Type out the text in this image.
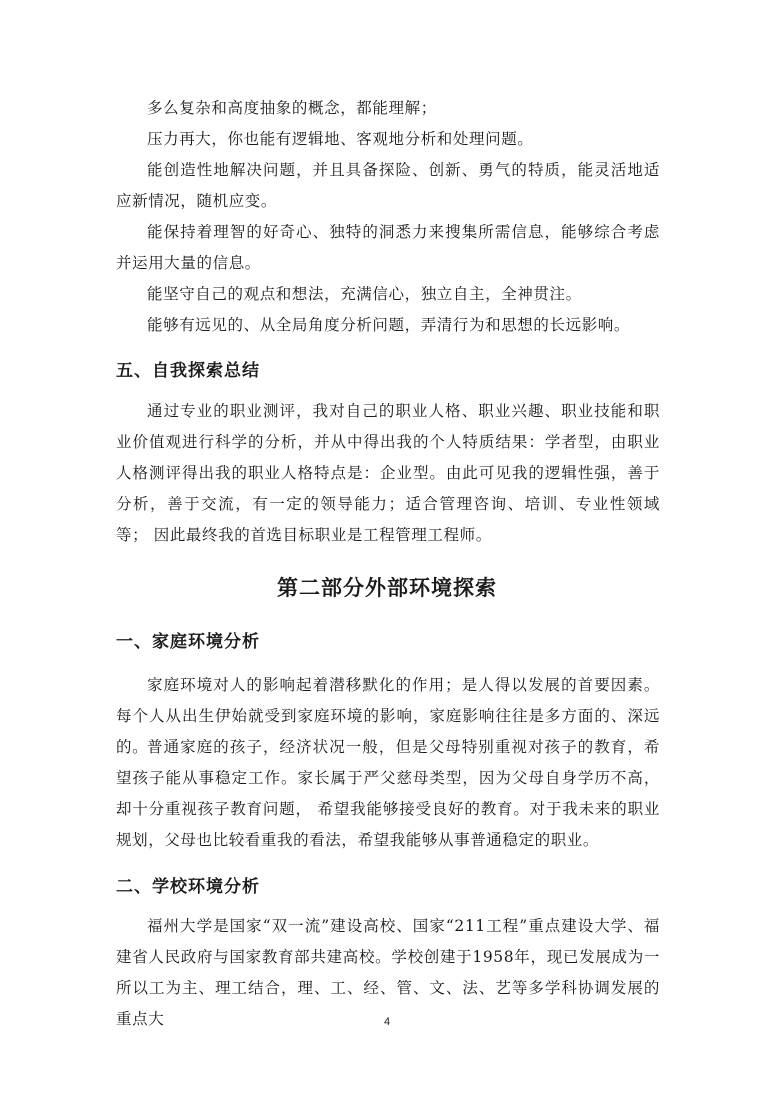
多么复杂和高度抽象的概念，都能理解；

压力再大，你也能有逻辑地、客观地分析和处理问题。

能创造性地解决问题，并且具备探险、创新、勇气的特质，能灵活地适应新情况，随机应变。

能保持着理智的好奇心、独特的洞悉力来搜集所需信息，能够综合考虑并运用大量的信息。

能坚守自己的观点和想法，充满信心，独立自主，全神贯注。

能够有远见的、从全局角度分析问题，弄清行为和思想的长远影响。

五、自我探索总结

通过专业的职业测评，我对自己的职业人格、职业兴趣、职业技能和职业价值观进行科学的分析，并从中得出我的个人特质结果：学者型，由职业人格测评得出我的职业人格特点是：企业型。由此可见我的逻辑性强，善于分析，善于交流，有一定的领导能力；适合管理咨询、培训、专业性领域等； 因此最终我的首选目标职业是工程管理工程师。

第二部分外部环境探索
一、家庭环境分析

家庭环境对人的影响起着潜移默化的作用；是人得以发展的首要因素。每个人从出生伊始就受到家庭环境的影响，家庭影响往往是多方面的、深远的。

普通家庭的孩子，经济状况一般，但是父母特别重视对孩子的教育，希望孩子能从事稳定工作。家长属于严父慈母类型，因为父母自身学历不高，却十分重视孩子教育问题， 希望我能够接受良好的教育。对于我未来的职业规划，父母也比较看重我的看法，希望我能够从事普通稳定的职业。

二、学校环境分析

福州大学是国家“双一流”建设高校、国家“211工程”重点建设大学、福建省人民政府与国家教育部共建高校。学校创建于1958年，现已发展成为一所以工为主、理工结合，理、工、经、管、文、法、艺等多学科协调发展的重点大	4
